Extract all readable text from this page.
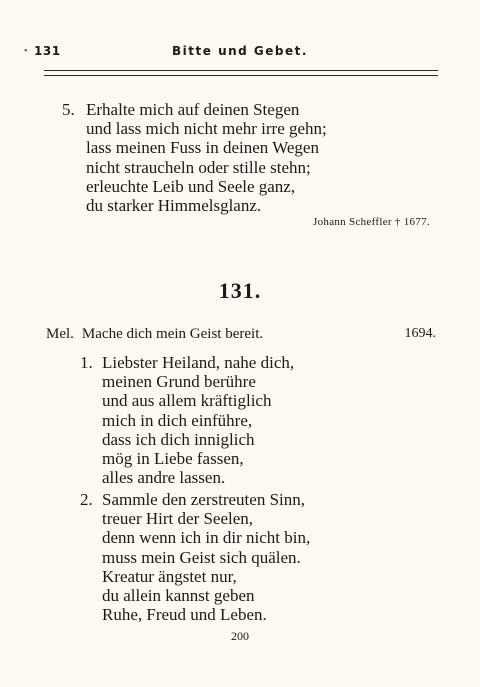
• 131	Bitte und Gebet.
5. Erhalte mich auf deinen Stegen
und lass mich nicht mehr irre gehn;
lass meinen Fuss in deinen Wegen
nicht straucheln oder stille stehn;
erleuchte Leib und Seele ganz,
du starker Himmelsglanz.
Johann Scheffler † 1677.
131.
Mel. Mache dich mein Geist bereit.	1694.
1. Liebster Heiland, nahe dich,
meinen Grund berühre
und aus allem kräftiglich
mich in dich einführe,
dass ich dich inniglich
mög in Liebe fassen,
alles andre lassen.
2. Sammle den zerstreuten Sinn,
treuer Hirt der Seelen,
denn wenn ich in dir nicht bin,
muss mein Geist sich quälen.
Kreatur ängstet nur,
du allein kannst geben
Ruhe, Freud und Leben.
200
